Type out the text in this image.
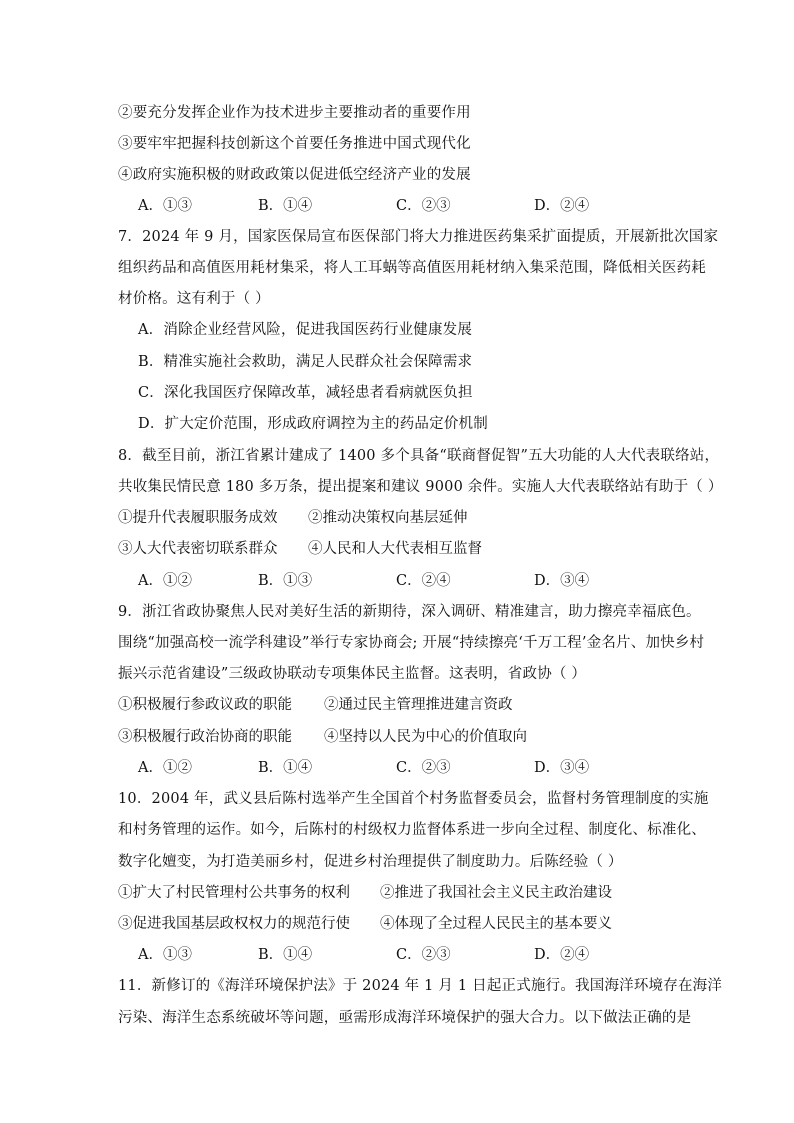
②要充分发挥企业作为技术进步主要推动者的重要作用
③要牢牢把握科技创新这个首要任务推进中国式现代化
④政府实施积极的财政政策以促进低空经济产业的发展
A．①③	B．①④	C．②③	D．②④
7．2024 年 9 月，国家医保局宣布医保部门将大力推进医药集采扩面提质，开展新批次国家
组织药品和高值医用耗材集采，将人工耳蜗等高值医用耗材纳入集采范围，降低相关医药耗
材价格。这有利于（ ）
A．消除企业经营风险，促进我国医药行业健康发展
B．精准实施社会救助，满足人民群众社会保障需求
C．深化我国医疗保障改革，减轻患者看病就医负担
D．扩大定价范围，形成政府调控为主的药品定价机制
8．截至目前，浙江省累计建成了 1400 多个具备“联商督促智”五大功能的人大代表联络站，
共收集民情民意 180 多万条，提出提案和建议 9000 余件。实施人大代表联络站有助于（ ）
①提升代表履职服务成效 ②推动决策权向基层延伸
③人大代表密切联系群众 ④人民和人大代表相互监督
A．①②	B．①③	C．②④	D．③④
9．浙江省政协聚焦人民对美好生活的新期待，深入调研、精准建言，助力擦亮幸福底色。
围绕“加强高校一流学科建设”举行专家协商会; 开展“持续擦亮‘千万工程’金名片、加快乡村
振兴示范省建设”三级政协联动专项集体民主监督。这表明，省政协（ ）
①积极履行参政议政的职能 ②通过民主管理推进建言资政
③积极履行政治协商的职能 ④坚持以人民为中心的价值取向
A．①②	B．①④	C．②③	D．③④
10．2004 年，武义县后陈村选举产生全国首个村务监督委员会，监督村务管理制度的实施
和村务管理的运作。如今，后陈村的村级权力监督体系进一步向全过程、制度化、标准化、
数字化嬗变，为打造美丽乡村，促进乡村治理提供了制度助力。后陈经验（ ）
①扩大了村民管理村公共事务的权利 ②推进了我国社会主义民主政治建设
③促进我国基层政权权力的规范行使 ④体现了全过程人民民主的基本要义
A．①③	B．①④	C．②③	D．②④
11．新修订的《海洋环境保护法》于 2024 年 1 月 1 日起正式施行。我国海洋环境存在海洋
污染、海洋生态系统破坏等问题，亟需形成海洋环境保护的强大合力。以下做法正确的是
